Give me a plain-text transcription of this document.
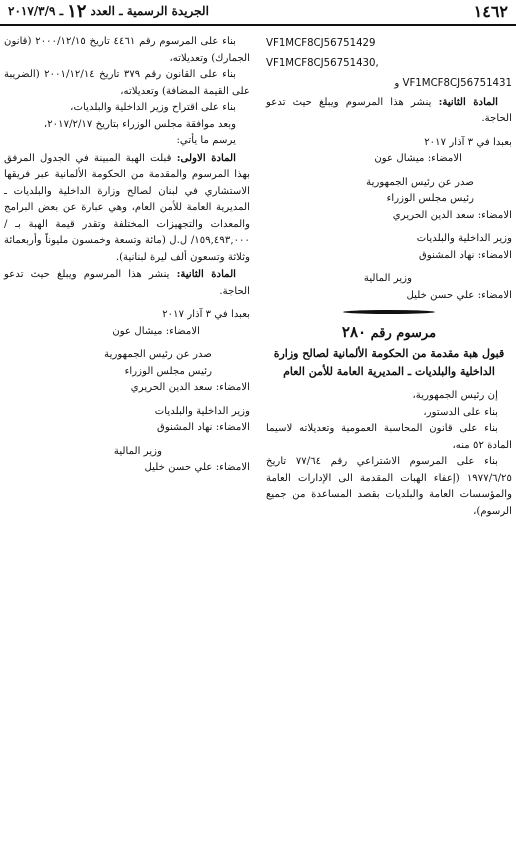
١٤٦٢
الجريدة الرسمية ـ العدد
١٢
ـ ٢٠١٧/٣/٩

VF1MCF8CJ56751429

VF1MCF8CJ56751430,

و VF1MCF8CJ56751431

المادة الثانية: ينشر هذا المرسوم ويبلغ حيث تدعو الحاجة.

بعبدا في ٣ آذار ٢٠١٧

الامضاء: ميشال عون

صدر عن رئيس الجمهورية

رئيس مجلس الوزراء

الامضاء: سعد الدين الحريري

وزير الداخلية والبلديات

الامضاء: نهاد المشنوق

وزير المالية

الامضاء: علي حسن خليل

مرسوم رقم ٢٨٠
قبول هبة مقدمة من الحكومة الألمانية لصالح وزارة الداخلية والبلديات ـ المديرية العامة للأمن العام

إن رئيس الجمهورية،

بناء على الدستور،

بناء على قانون المحاسبة العمومية وتعديلاته لاسيما المادة ٥٢ منه،

بناء على المرسوم الاشتراعي رقم ٧٧/٦٤ تاريخ ١٩٧٧/٦/٢٥ (إعفاء الهبات المقدمة الى الإدارات العامة والمؤسسات العامة والبلديات بقصد المساعدة من جميع الرسوم)،

بناء على المرسوم رقم ٤٤٦١ تاريخ ٢٠٠٠/١٢/١٥ (قانون الجمارك) وتعديلاته،

بناء على القانون رقم ٣٧٩ تاريخ ٢٠٠١/١٢/١٤ (الضريبة على القيمة المضافة) وتعديلاته،

بناء على اقتراح وزير الداخلية والبلديات،

وبعد موافقة مجلس الوزراء بتاريخ ٢٠١٧/٢/١٧،

يرسم ما يأتي:

المادة الاولى: قبلت الهبة المبينة في الجدول المرفق بهذا المرسوم والمقدمة من الحكومة الألمانية عبر فريقها الاستشاري في لبنان لصالح وزارة الداخلية والبلديات ـ المديرية العامة للأمن العام، وهي عبارة عن بعض البرامج والمعدات والتجهيزات المختلفة وتقدر قيمة الهبة بـ /١٥٩,٤٩٣,٠٠٠/ ل.ل (مائة وتسعة وخمسون مليوناً وأربعمائة وثلاثة وتسعون ألف ليرة لبنانية).

المادة الثانية: ينشر هذا المرسوم ويبلغ حيث تدعو الحاجة.

بعبدا في ٣ آذار ٢٠١٧

الامضاء: ميشال عون

صدر عن رئيس الجمهورية

رئيس مجلس الوزراء

الامضاء: سعد الدين الحريري

وزير الداخلية والبلديات

الامضاء: نهاد المشنوق

وزير المالية

الامضاء: علي حسن خليل
